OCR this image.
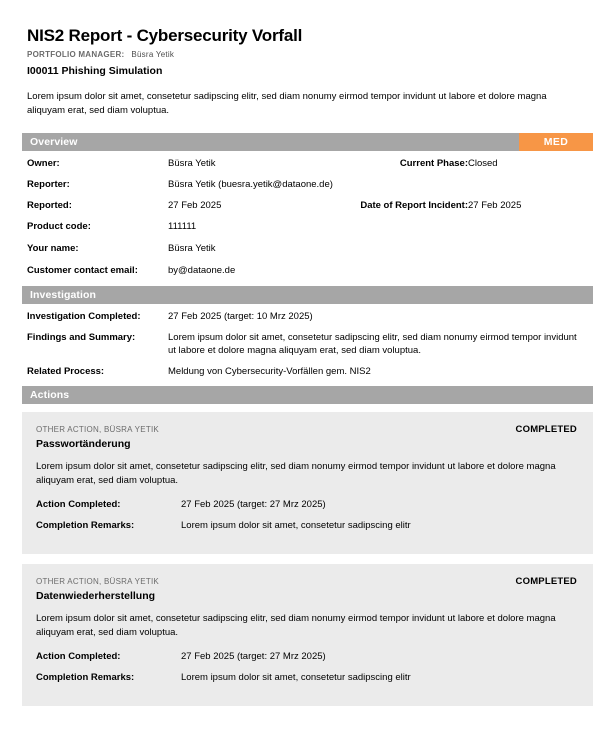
NIS2 Report - Cybersecurity Vorfall
PORTFOLIO MANAGER: Büsra Yetik
I00011 Phishing Simulation

Lorem ipsum dolor sit amet, consetetur sadipscing elitr, sed diam nonumy eirmod tempor invidunt ut labore et dolore magna aliquyam erat, sed diam voluptua.

Overview	MED
Owner:	Büsra Yetik	Current Phase: Closed
Reporter:	Büsra Yetik (buesra.yetik@dataone.de)
Reported:	27 Feb 2025	Date of Report Incident: 27 Feb 2025
Product code:	111111
Your name:	Büsra Yetik
Customer contact email:	by@dataone.de
Investigation
Investigation Completed:	27 Feb 2025 (target: 10 Mrz 2025)
Findings and Summary:	Lorem ipsum dolor sit amet, consetetur sadipscing elitr, sed diam nonumy eirmod tempor invidunt ut labore et dolore magna aliquyam erat, sed diam voluptua.
Related Process:	Meldung von Cybersecurity-Vorfällen gem. NIS2
Actions
OTHER ACTION, BÜSRA YETIK	COMPLETED
Passwortänderung

Lorem ipsum dolor sit amet, consetetur sadipscing elitr, sed diam nonumy eirmod tempor invidunt ut labore et dolore magna aliquyam erat, sed diam voluptua.

Action Completed:	27 Feb 2025 (target: 27 Mrz 2025)
Completion Remarks:	Lorem ipsum dolor sit amet, consetetur sadipscing elitr
OTHER ACTION, BÜSRA YETIK	COMPLETED
Datenwiederherstellung

Lorem ipsum dolor sit amet, consetetur sadipscing elitr, sed diam nonumy eirmod tempor invidunt ut labore et dolore magna aliquyam erat, sed diam voluptua.

Action Completed:	27 Feb 2025 (target: 27 Mrz 2025)
Completion Remarks:	Lorem ipsum dolor sit amet, consetetur sadipscing elitr
